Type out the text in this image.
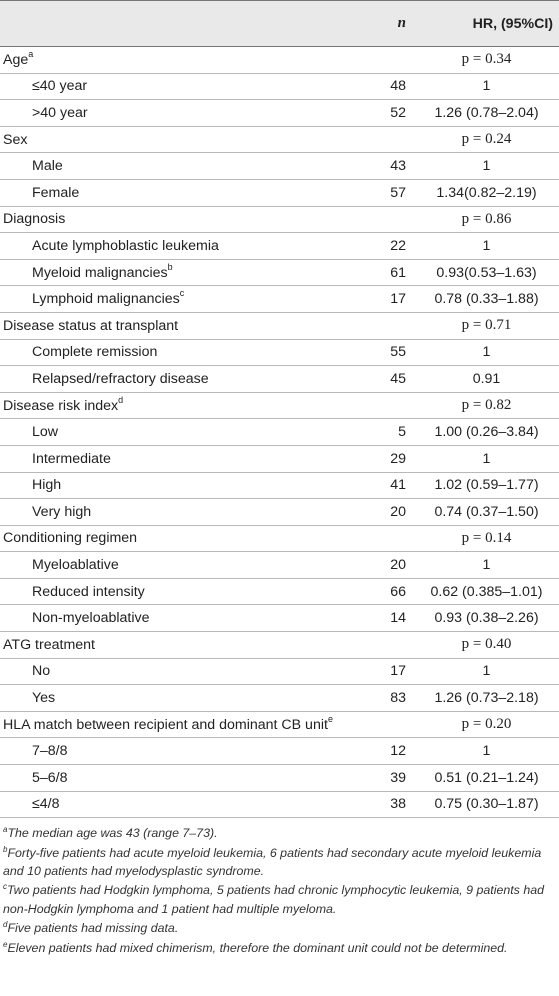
	n	HR, (95%CI)
Age$^a$		p = 0.34
≤40 year	48	1
>40 year	52	1.26 (0.78–2.04)
Sex		p = 0.24
Male	43	1
Female	57	1.34(0.82–2.19)
Diagnosis		p = 0.86
Acute lymphoblastic leukemia	22	1
Myeloid malignancies$^b$	61	0.93(0.53–1.63)
Lymphoid malignancies$^c$	17	0.78 (0.33–1.88)
Disease status at transplant		p = 0.71
Complete remission	55	1
Relapsed/refractory disease	45	0.91
Disease risk index$^d$		p = 0.82
Low	5	1.00 (0.26–3.84)
Intermediate	29	1
High	41	1.02 (0.59–1.77)
Very high	20	0.74 (0.37–1.50)
Conditioning regimen		p = 0.14
Myeloablative	20	1
Reduced intensity	66	0.62 (0.385–1.01)
Non-myeloablative	14	0.93 (0.38–2.26)
ATG treatment		p = 0.40
No	17	1
Yes	83	1.26 (0.73–2.18)
HLA match between recipient and dominant CB unit$^e$		p = 0.20
7–8/8	12	1
5–6/8	39	0.51 (0.21–1.24)
≤4/8	38	0.75 (0.30–1.87)
$^a$The median age was 43 (range 7–73).
$^b$Forty-five patients had acute myeloid leukemia, 6 patients had secondary acute myeloid leukemia and 10 patients had myelodysplastic syndrome.
$^c$Two patients had Hodgkin lymphoma, 5 patients had chronic lymphocytic leukemia, 9 patients had non-Hodgkin lymphoma and 1 patient had multiple myeloma.
$^d$Five patients had missing data.
$^e$Eleven patients had mixed chimerism, therefore the dominant unit could not be determined.
